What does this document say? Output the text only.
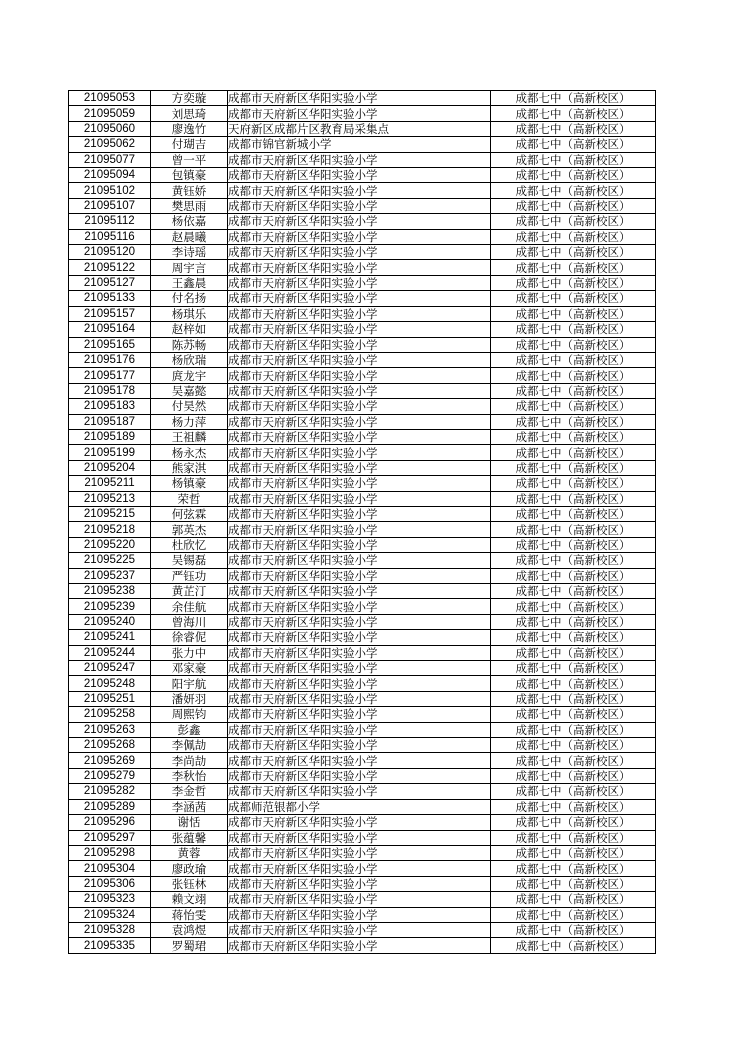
21095053	方奕璇	成都市天府新区华阳实验小学	成都七中（高新校区）
21095059	刘思琦	成都市天府新区华阳实验小学	成都七中（高新校区）
21095060	廖逸竹	天府新区成都片区教育局采集点	成都七中（高新校区）
21095062	付瑚吉	成都市锦官新城小学	成都七中（高新校区）
21095077	曾一平	成都市天府新区华阳实验小学	成都七中（高新校区）
21095094	包镇豪	成都市天府新区华阳实验小学	成都七中（高新校区）
21095102	黄钰娇	成都市天府新区华阳实验小学	成都七中（高新校区）
21095107	樊思雨	成都市天府新区华阳实验小学	成都七中（高新校区）
21095112	杨依嘉	成都市天府新区华阳实验小学	成都七中（高新校区）
21095116	赵晨曦	成都市天府新区华阳实验小学	成都七中（高新校区）
21095120	李诗瑶	成都市天府新区华阳实验小学	成都七中（高新校区）
21095122	周宇言	成都市天府新区华阳实验小学	成都七中（高新校区）
21095127	王鑫晨	成都市天府新区华阳实验小学	成都七中（高新校区）
21095133	付名扬	成都市天府新区华阳实验小学	成都七中（高新校区）
21095157	杨琪乐	成都市天府新区华阳实验小学	成都七中（高新校区）
21095164	赵梓如	成都市天府新区华阳实验小学	成都七中（高新校区）
21095165	陈苏畅	成都市天府新区华阳实验小学	成都七中（高新校区）
21095176	杨欣瑞	成都市天府新区华阳实验小学	成都七中（高新校区）
21095177	庹龙宇	成都市天府新区华阳实验小学	成都七中（高新校区）
21095178	吴嘉懿	成都市天府新区华阳实验小学	成都七中（高新校区）
21095183	付昊然	成都市天府新区华阳实验小学	成都七中（高新校区）
21095187	杨力萍	成都市天府新区华阳实验小学	成都七中（高新校区）
21095189	王祖麟	成都市天府新区华阳实验小学	成都七中（高新校区）
21095199	杨永杰	成都市天府新区华阳实验小学	成都七中（高新校区）
21095204	熊家淇	成都市天府新区华阳实验小学	成都七中（高新校区）
21095211	杨镇豪	成都市天府新区华阳实验小学	成都七中（高新校区）
21095213	荣哲	成都市天府新区华阳实验小学	成都七中（高新校区）
21095215	何弦霖	成都市天府新区华阳实验小学	成都七中（高新校区）
21095218	郭英杰	成都市天府新区华阳实验小学	成都七中（高新校区）
21095220	杜欣忆	成都市天府新区华阳实验小学	成都七中（高新校区）
21095225	吴锡磊	成都市天府新区华阳实验小学	成都七中（高新校区）
21095237	严钰功	成都市天府新区华阳实验小学	成都七中（高新校区）
21095238	黄芷汀	成都市天府新区华阳实验小学	成都七中（高新校区）
21095239	余佳航	成都市天府新区华阳实验小学	成都七中（高新校区）
21095240	曾海川	成都市天府新区华阳实验小学	成都七中（高新校区）
21095241	徐睿伲	成都市天府新区华阳实验小学	成都七中（高新校区）
21095244	张力中	成都市天府新区华阳实验小学	成都七中（高新校区）
21095247	邓家豪	成都市天府新区华阳实验小学	成都七中（高新校区）
21095248	阳宇航	成都市天府新区华阳实验小学	成都七中（高新校区）
21095251	潘妍羽	成都市天府新区华阳实验小学	成都七中（高新校区）
21095258	周熙钧	成都市天府新区华阳实验小学	成都七中（高新校区）
21095263	彭鑫	成都市天府新区华阳实验小学	成都七中（高新校区）
21095268	李佩劼	成都市天府新区华阳实验小学	成都七中（高新校区）
21095269	李尚劼	成都市天府新区华阳实验小学	成都七中（高新校区）
21095279	李秋怡	成都市天府新区华阳实验小学	成都七中（高新校区）
21095282	李金哲	成都市天府新区华阳实验小学	成都七中（高新校区）
21095289	李涵茜	成都师范银都小学	成都七中（高新校区）
21095296	谢恬	成都市天府新区华阳实验小学	成都七中（高新校区）
21095297	张蕴馨	成都市天府新区华阳实验小学	成都七中（高新校区）
21095298	黄蓉	成都市天府新区华阳实验小学	成都七中（高新校区）
21095304	廖政瑜	成都市天府新区华阳实验小学	成都七中（高新校区）
21095306	张钰林	成都市天府新区华阳实验小学	成都七中（高新校区）
21095323	赖文翊	成都市天府新区华阳实验小学	成都七中（高新校区）
21095324	蒋怡雯	成都市天府新区华阳实验小学	成都七中（高新校区）
21095328	袁鸿煜	成都市天府新区华阳实验小学	成都七中（高新校区）
21095335	罗蜀珺	成都市天府新区华阳实验小学	成都七中（高新校区）
